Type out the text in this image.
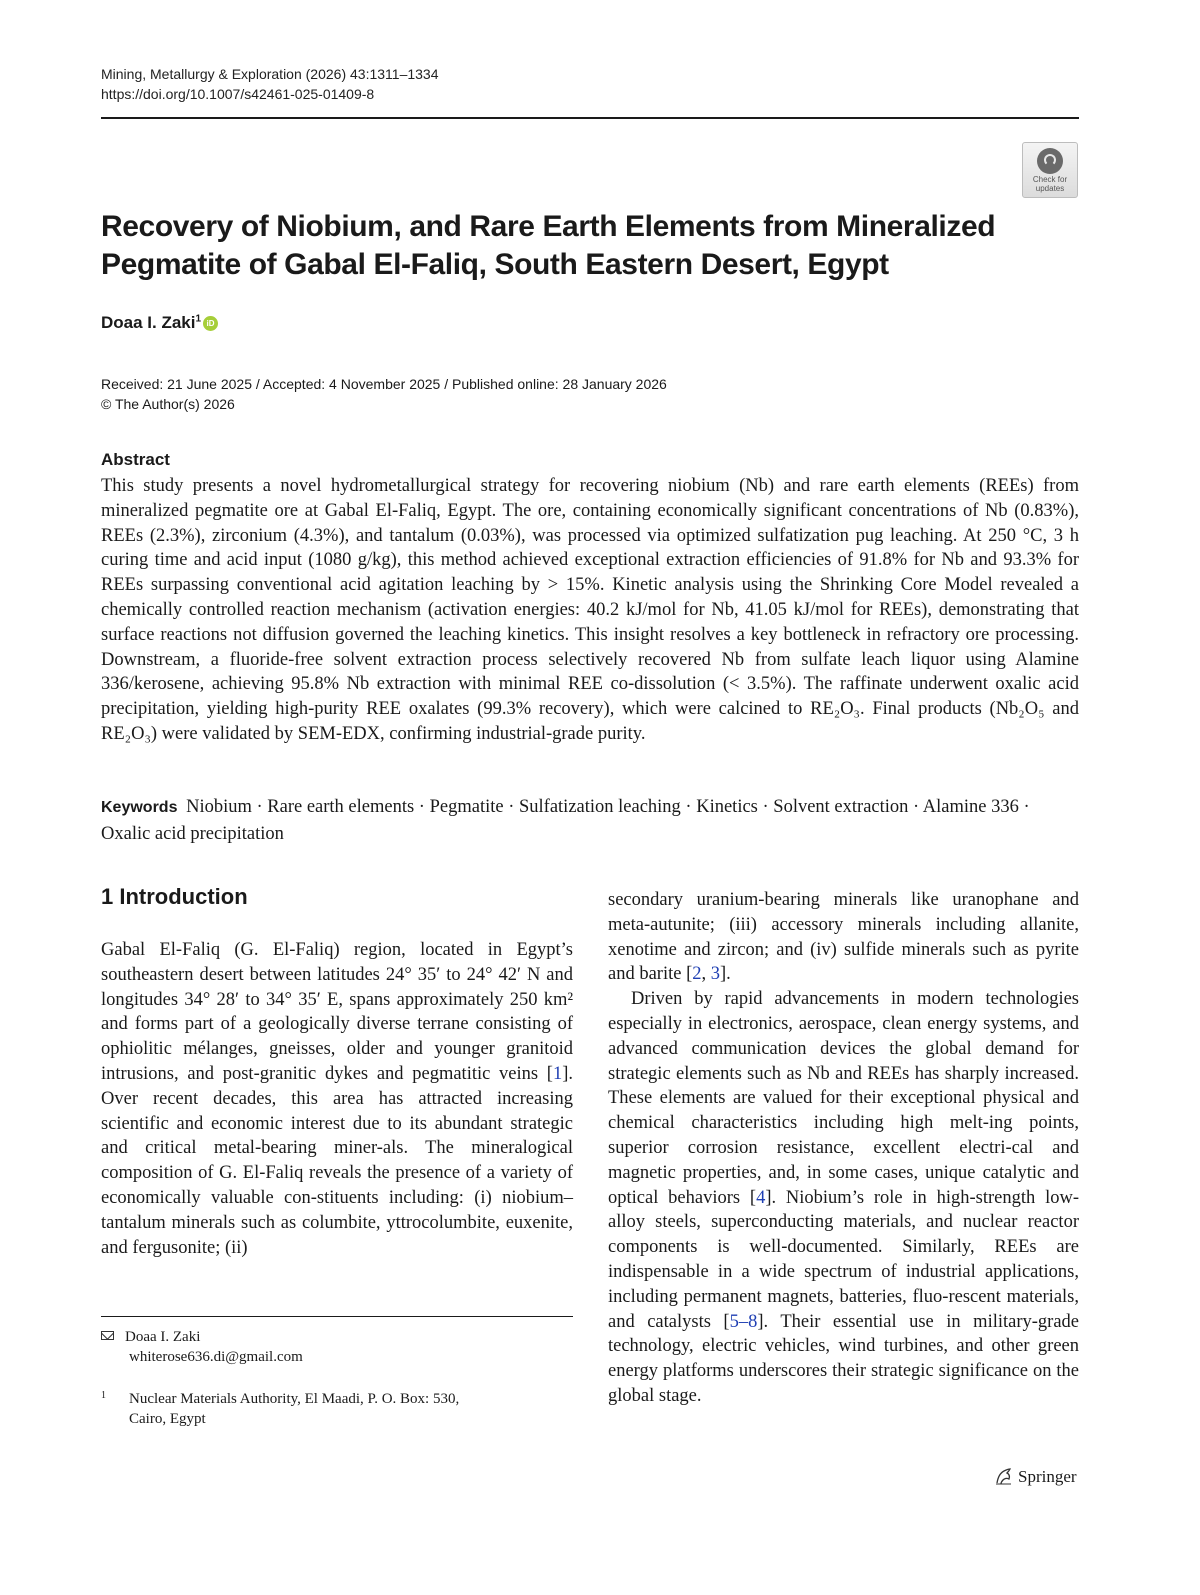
Mining, Metallurgy & Exploration (2026) 43:1311–1334
https://doi.org/10.1007/s42461-025-01409-8
Check for
updates
Recovery of Niobium, and Rare Earth Elements from Mineralized
Pegmatite of Gabal El-Faliq, South Eastern Desert, Egypt
Doaa I. Zaki$^1$ iD
Received: 21 June 2025 / Accepted: 4 November 2025 / Published online: 28 January 2026
© The Author(s) 2026
Abstract
This study presents a novel hydrometallurgical strategy for recovering niobium (Nb) and rare earth elements (REEs) from mineralized pegmatite ore at Gabal El-Faliq, Egypt. The ore, containing economically significant concentrations of Nb (0.83%), REEs (2.3%), zirconium (4.3%), and tantalum (0.03%), was processed via optimized sulfatization pug leaching. At 250 °C, 3 h curing time and acid input (1080 g/kg), this method achieved exceptional extraction efficiencies of 91.8% for Nb and 93.3% for REEs surpassing conventional acid agitation leaching by > 15%. Kinetic analysis using the Shrinking Core Model revealed a chemically controlled reaction mechanism (activation energies: 40.2 kJ/mol for Nb, 41.05 kJ/mol for REEs), demonstrating that surface reactions not diffusion governed the leaching kinetics. This insight resolves a key bottleneck in refractory ore processing. Downstream, a fluoride-free solvent extraction process selectively recovered Nb from sulfate leach liquor using Alamine 336/kerosene, achieving 95.8% Nb extraction with minimal REE co-dissolution (< 3.5%). The raffinate underwent oxalic acid precipitation, yielding high-purity REE oxalates (99.3% recovery), which were calcined to RE₂O₃. Final products (Nb₂O₅ and RE₂O₃) were validated by SEM-EDX, confirming industrial-grade purity.
Keywords Niobium · Rare earth elements · Pegmatite · Sulfatization leaching · Kinetics · Solvent extraction · Alamine 336 · Oxalic acid precipitation
1 Introduction
Gabal El-Faliq (G. El-Faliq) region, located in Egypt’s southeastern desert between latitudes 24° 35′ to 24° 42′ N and longitudes 34° 28′ to 34° 35′ E, spans approximately 250 km² and forms part of a geologically diverse terrane consisting of ophiolitic mélanges, gneisses, older and younger granitoid intrusions, and post-granitic dykes and pegmatitic veins [1]. Over recent decades, this area has attracted increasing scientific and economic interest due to its abundant strategic and critical metal-bearing miner-als. The mineralogical composition of G. El-Faliq reveals the presence of a variety of economically valuable con-stituents including: (i) niobium–tantalum minerals such as columbite, yttrocolumbite, euxenite, and fergusonite; (ii)

secondary uranium-bearing minerals like uranophane and meta-autunite; (iii) accessory minerals including allanite, xenotime and zircon; and (iv) sulfide minerals such as pyrite and barite [2, 3].

Driven by rapid advancements in modern technologies especially in electronics, aerospace, clean energy systems, and advanced communication devices the global demand for strategic elements such as Nb and REEs has sharply increased. These elements are valued for their exceptional physical and chemical characteristics including high melt-ing points, superior corrosion resistance, excellent electri-cal and magnetic properties, and, in some cases, unique catalytic and optical behaviors [4]. Niobium’s role in high-strength low-alloy steels, superconducting materials, and nuclear reactor components is well-documented. Similarly, REEs are indispensable in a wide spectrum of industrial applications, including permanent magnets, batteries, fluo-rescent materials, and catalysts [5–8]. Their essential use in military-grade technology, electric vehicles, wind turbines, and other green energy platforms underscores their strategic significance on the global stage.

Doaa I. Zaki
whiterose636.di@gmail.com
1 Nuclear Materials Authority, El Maadi, P. O. Box: 530,
Cairo, Egypt
Springer
